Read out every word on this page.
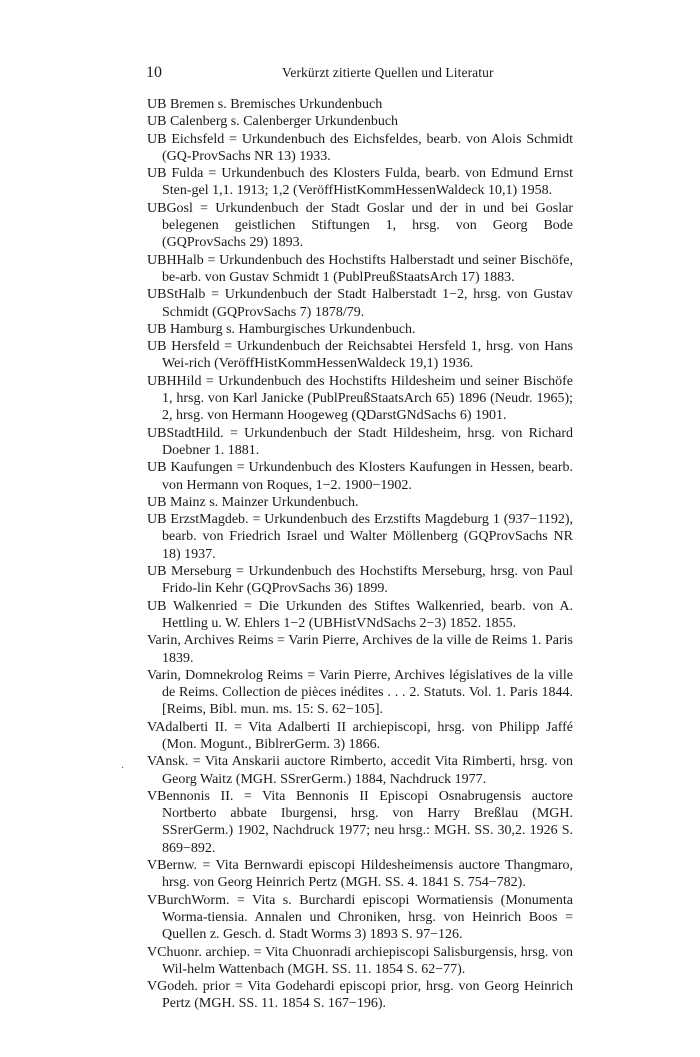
10	Verkürzt zitierte Quellen und Literatur
·
UB Bremen s. Bremisches Urkundenbuch
UB Calenberg s. Calenberger Urkundenbuch
UB Eichsfeld = Urkundenbuch des Eichsfeldes, bearb. von Alois Schmidt (GQ-ProvSachs NR 13) 1933.
UB Fulda = Urkundenbuch des Klosters Fulda, bearb. von Edmund Ernst Sten-gel 1,1. 1913; 1,2 (VeröffHistKommHessenWaldeck 10,1) 1958.
UBGosl = Urkundenbuch der Stadt Goslar und der in und bei Goslar belegenen geistlichen Stiftungen 1, hrsg. von Georg Bode (GQProvSachs 29) 1893.
UBHHalb = Urkundenbuch des Hochstifts Halberstadt und seiner Bischöfe, be-arb. von Gustav Schmidt 1 (PublPreußStaatsArch 17) 1883.
UBStHalb = Urkundenbuch der Stadt Halberstadt 1−2, hrsg. von Gustav Schmidt (GQProvSachs 7) 1878/79.
UB Hamburg s. Hamburgisches Urkundenbuch.
UB Hersfeld = Urkundenbuch der Reichsabtei Hersfeld 1, hrsg. von Hans Wei-rich (VeröffHistKommHessenWaldeck 19,1) 1936.
UBHHild = Urkundenbuch des Hochstifts Hildesheim und seiner Bischöfe 1, hrsg. von Karl Janicke (PublPreußStaatsArch 65) 1896 (Neudr. 1965); 2, hrsg. von Hermann Hoogeweg (QDarstGNdSachs 6) 1901.
UBStadtHild. = Urkundenbuch der Stadt Hildesheim, hrsg. von Richard Doebner 1. 1881.
UB Kaufungen = Urkundenbuch des Klosters Kaufungen in Hessen, bearb. von Hermann von Roques, 1−2. 1900−1902.
UB Mainz s. Mainzer Urkundenbuch.
UB ErzstMagdeb. = Urkundenbuch des Erzstifts Magdeburg 1 (937−1192), bearb. von Friedrich Israel und Walter Möllenberg (GQProvSachs NR 18) 1937.
UB Merseburg = Urkundenbuch des Hochstifts Merseburg, hrsg. von Paul Frido-lin Kehr (GQProvSachs 36) 1899.
UB Walkenried = Die Urkunden des Stiftes Walkenried, bearb. von A. Hettling u. W. Ehlers 1−2 (UBHistVNdSachs 2−3) 1852. 1855.
Varin, Archives Reims = Varin Pierre, Archives de la ville de Reims 1. Paris 1839.
Varin, Domnekrolog Reims = Varin Pierre, Archives législatives de la ville de Reims. Collection de pièces inédites . . . 2. Statuts. Vol. 1. Paris 1844. [Reims, Bibl. mun. ms. 15: S. 62−105].
VAdalberti II. = Vita Adalberti II archiepiscopi, hrsg. von Philipp Jaffé (Mon. Mogunt., BiblrerGerm. 3) 1866.
VAnsk. = Vita Anskarii auctore Rimberto, accedit Vita Rimberti, hrsg. von Georg Waitz (MGH. SSrerGerm.) 1884, Nachdruck 1977.
VBennonis II. = Vita Bennonis II Episcopi Osnabrugensis auctore Nortberto abbate Iburgensi, hrsg. von Harry Breßlau (MGH. SSrerGerm.) 1902, Nachdruck 1977; neu hrsg.: MGH. SS. 30,2. 1926 S. 869−892.
VBernw. = Vita Bernwardi episcopi Hildesheimensis auctore Thangmaro, hrsg. von Georg Heinrich Pertz (MGH. SS. 4. 1841 S. 754−782).
VBurchWorm. = Vita s. Burchardi episcopi Wormatiensis (Monumenta Worma-tiensia. Annalen und Chroniken, hrsg. von Heinrich Boos = Quellen z. Gesch. d. Stadt Worms 3) 1893 S. 97−126.
VChuonr. archiep. = Vita Chuonradi archiepiscopi Salisburgensis, hrsg. von Wil-helm Wattenbach (MGH. SS. 11. 1854 S. 62−77).
VGodeh. prior = Vita Godehardi episcopi prior, hrsg. von Georg Heinrich Pertz (MGH. SS. 11. 1854 S. 167−196).
